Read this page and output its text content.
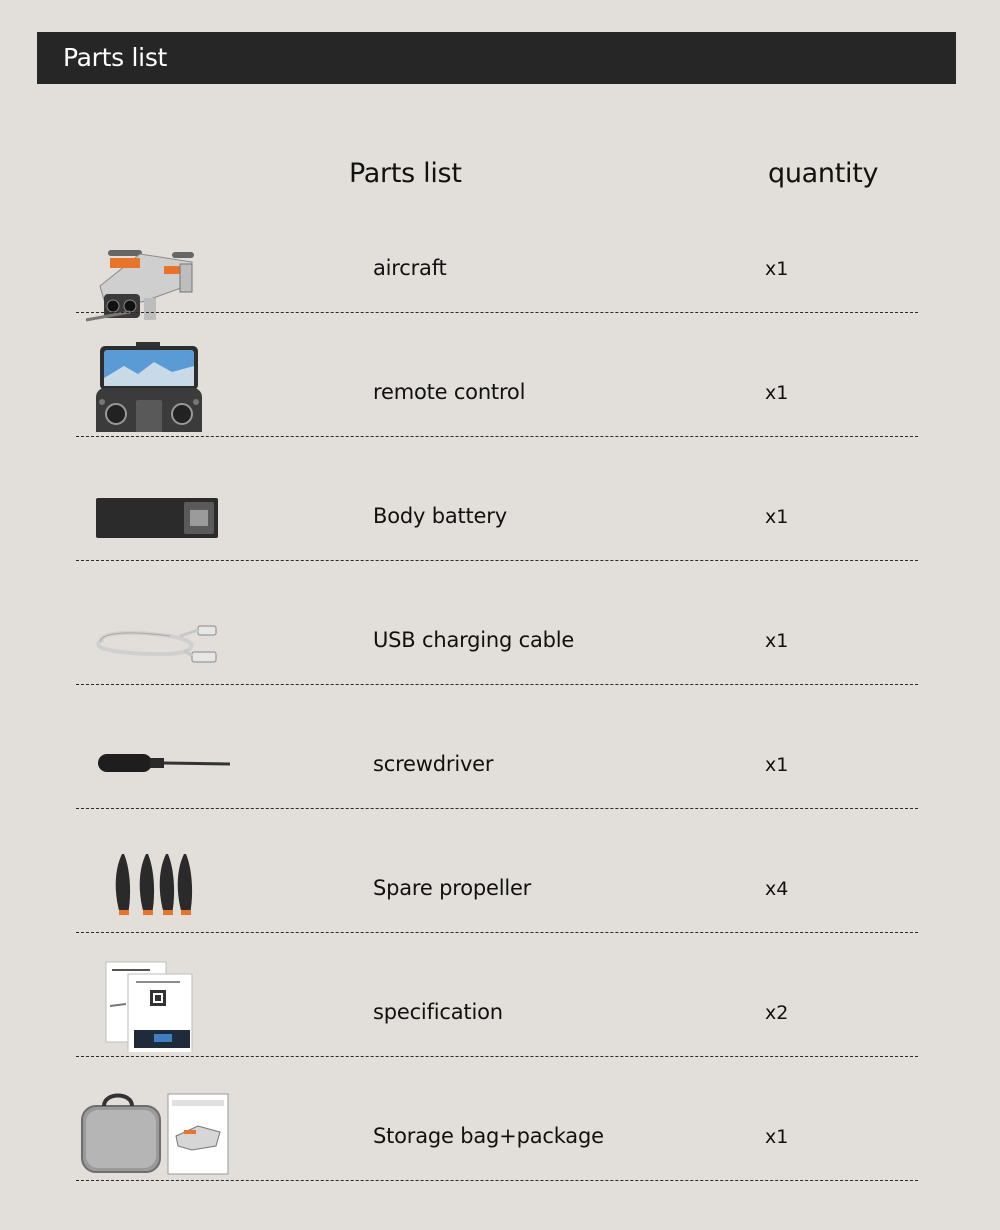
Parts list
Parts list	quantity
aircraft	x1
remote control	x1
Body battery	x1
USB charging cable	x1
screwdriver	x1
Spare propeller	x4
specification	x2
Storage bag+package	x1
